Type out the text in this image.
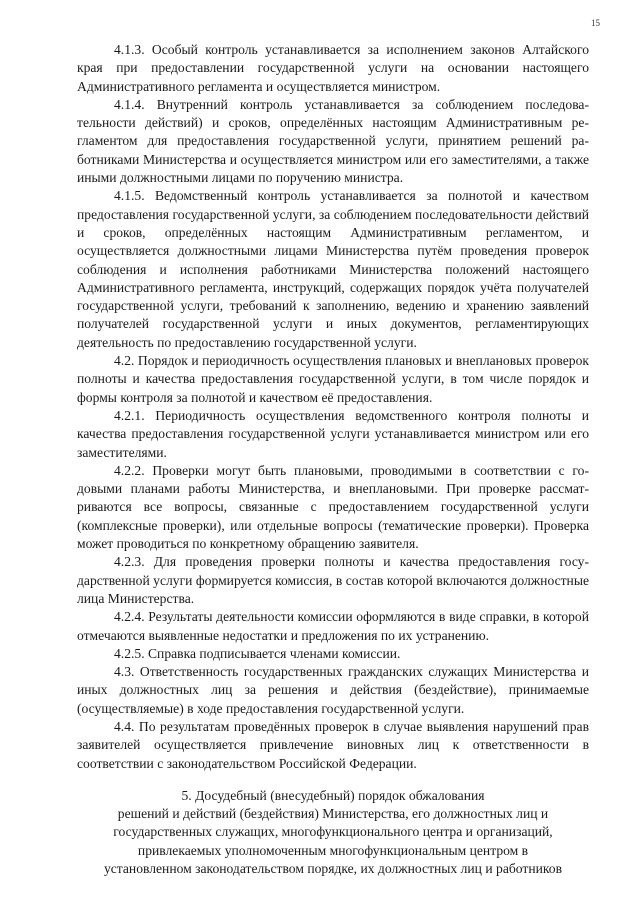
15

4.1.3. Особый контроль устанавливается за исполнением законов Алтайского края при предоставлении государственной услуги на основании настоящего Административного регламента и осуществляется министром.

4.1.4. Внутренний контроль устанавливается за соблюдением последовательности действий) и сроков, определённых настоящим Административным регламентом для предоставления государственной услуги, принятием решений работниками Министерства и осуществляется министром или его заместителями, а также иными должностными лицами по поручению министра.

4.1.5. Ведомственный контроль устанавливается за полнотой и качеством предоставления государственной услуги, за соблюдением последовательности действий и сроков, определённых настоящим Административным регламентом, и осуществляется должностными лицами Министерства путём проведения проверок соблюдения и исполнения работниками Министерства положений настоящего Административного регламента, инструкций, содержащих порядок учёта получателей государственной услуги, требований к заполнению, ведению и хранению заявлений получателей государственной услуги и иных документов, регламентирующих деятельность по предоставлению государственной услуги.

4.2. Порядок и периодичность осуществления плановых и внеплановых проверок полноты и качества предоставления государственной услуги, в том числе порядок и формы контроля за полнотой и качеством её предоставления.

4.2.1. Периодичность осуществления ведомственного контроля полноты и качества предоставления государственной услуги устанавливается министром или его заместителями.

4.2.2. Проверки могут быть плановыми, проводимыми в соответствии с годовыми планами работы Министерства, и внеплановыми. При проверке рассматриваются все вопросы, связанные с предоставлением государственной услуги (комплексные проверки), или отдельные вопросы (тематические проверки). Проверка может проводиться по конкретному обращению заявителя.

4.2.3. Для проведения проверки полноты и качества предоставления государственной услуги формируется комиссия, в состав которой включаются должностные лица Министерства.

4.2.4. Результаты деятельности комиссии оформляются в виде справки, в которой отмечаются выявленные недостатки и предложения по их устранению.

4.2.5. Справка подписывается членами комиссии.

4.3. Ответственность государственных гражданских служащих Министерства и иных должностных лиц за решения и действия (бездействие), принимаемые (осуществляемые) в ходе предоставления государственной услуги.

4.4. По результатам проведённых проверок в случае выявления нарушений прав заявителей осуществляется привлечение виновных лиц к ответственности в соответствии с законодательством Российской Федерации.

5. Досудебный (внесудебный) порядок обжалования
решений и действий (бездействия) Министерства, его должностных лиц и
государственных служащих, многофункционального центра и организаций,
привлекаемых уполномоченным многофункциональным центром в
установленном законодательством порядке, их должностных лиц и работников
